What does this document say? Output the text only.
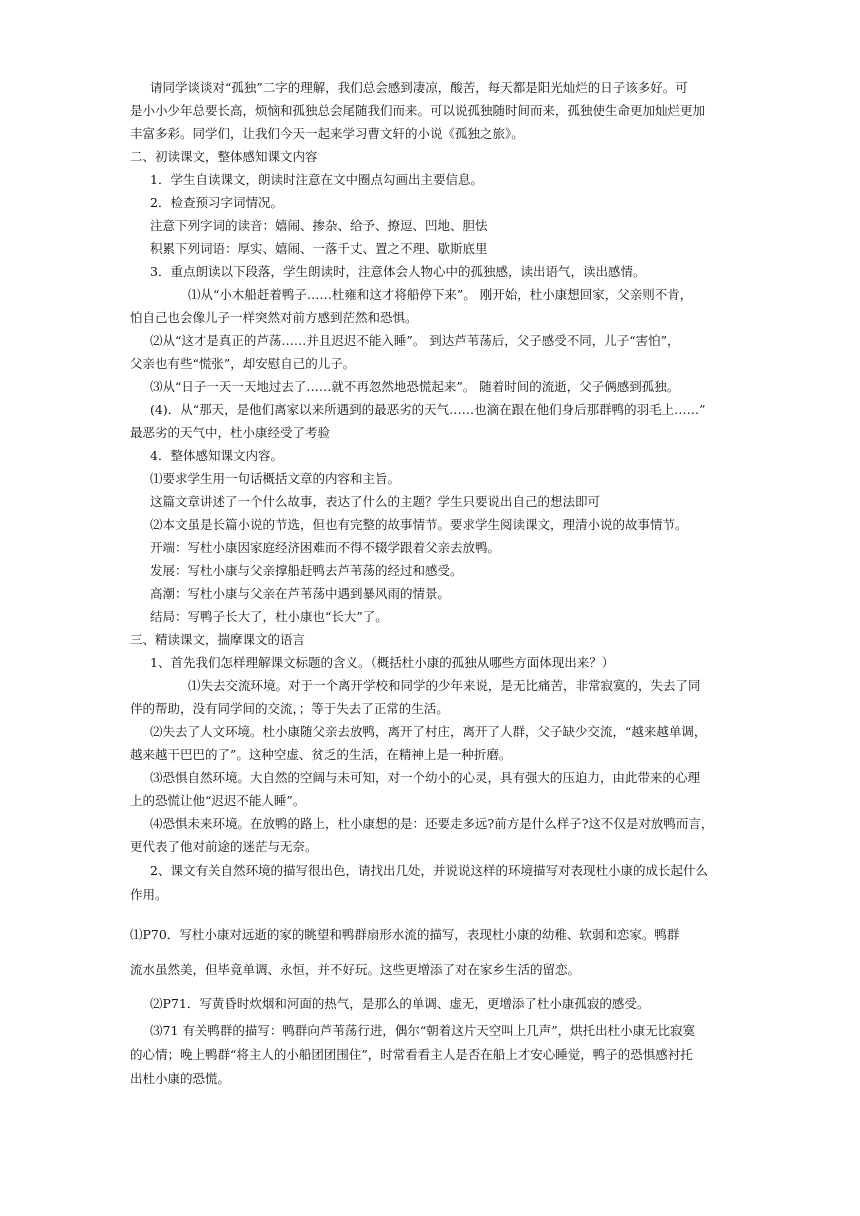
请同学谈谈对“孤独”二字的理解，我们总会感到凄凉，酸苦，每天都是阳光灿烂的日子该多好。可

是小小少年总要长高，烦恼和孤独总会尾随我们而来。可以说孤独随时间而来，孤独使生命更加灿烂更加

丰富多彩。同学们，让我们今天一起来学习曹文轩的小说《孤独之旅》。

二、初读课文，整体感知课文内容

1．学生自读课文，朗读时注意在文中圈点勾画出主要信息。

2．检查预习字词情况。

注意下列字词的读音：嬉闹、掺杂、给予、撩逗、凹地、胆怯

积累下列词语：厚实、嬉闹、一落千丈、置之不理、歇斯底里

3．重点朗读以下段落，学生朗读时，注意体会人物心中的孤独感，读出语气，读出感情。

⑴从“小木船赶着鸭子……杜雍和这才将船停下来”。 刚开始，杜小康想回家，父亲则不肯，

怕自己也会像儿子一样突然对前方感到茫然和恐惧。

⑵从“这才是真正的芦荡……并且迟迟不能入睡”。 到达芦苇荡后，父子感受不同，儿子“害怕”，

父亲也有些“慌张”，却安慰自己的儿子。

⑶从“日子一天一天地过去了……就不再忽然地恐慌起来”。 随着时间的流逝，父子俩感到孤独。

(4)．从“那天，是他们离家以来所遇到的最恶劣的天气……也滴在跟在他们身后那群鸭的羽毛上……”

最恶劣的天气中，杜小康经受了考验

4．整体感知课文内容。

⑴要求学生用一句话概括文章的内容和主旨。

这篇文章讲述了一个什么故事，表达了什么的主题？学生只要说出自己的想法即可

⑵本文虽是长篇小说的节选，但也有完整的故事情节。要求学生阅读课文，理清小说的故事情节。

开端：写杜小康因家庭经济困难而不得不辍学跟着父亲去放鸭。

发展：写杜小康与父亲撑船赶鸭去芦苇荡的经过和感受。

高潮：写杜小康与父亲在芦苇荡中遇到暴风雨的情景。

结局：写鸭子长大了，杜小康也“长大”了。

三、精读课文，揣摩课文的语言

1、首先我们怎样理解课文标题的含义。（概括杜小康的孤独从哪些方面体现出来？）

⑴失去交流环境。对于一个离开学校和同学的少年来说，是无比痛苦，非常寂寞的，失去了同

伴的帮助，没有同学间的交流，；等于失去了正常的生活。

⑵失去了人文环境。杜小康随父亲去放鸭，离开了村庄，离开了人群，父子缺少交流，“越来越单调，

越来越干巴巴的了”。这种空虚、贫乏的生活，在精神上是一种折磨。

⑶恐惧自然环境。大自然的空阔与未可知，对一个幼小的心灵，具有强大的压迫力，由此带来的心理

上的恐慌让他“迟迟不能人睡”。

⑷恐惧未来环境。在放鸭的路上，杜小康想的是：还要走多远?前方是什么样子?这不仅是对放鸭而言，

更代表了他对前途的迷茫与无奈。

2、课文有关自然环境的描写很出色，请找出几处，并说说这样的环境描写对表现杜小康的成长起什么

作用。

⑴P70．写杜小康对远逝的家的眺望和鸭群扇形水流的描写，表现杜小康的幼稚、软弱和恋家。鸭群

流水虽然美，但毕竟单调、永恒，并不好玩。这些更增添了对在家乡生活的留恋。

⑵P71．写黄昏时炊烟和河面的热气，是那么的单调、虚无，更增添了杜小康孤寂的感受。

⑶71 有关鸭群的描写：鸭群向芦苇荡行进，偶尔“朝着这片天空叫上几声”，烘托出杜小康无比寂寞

的心情；晚上鸭群“将主人的小船团团围住”，时常看看主人是否在船上才安心睡觉，鸭子的恐惧感衬托

出杜小康的恐慌。
